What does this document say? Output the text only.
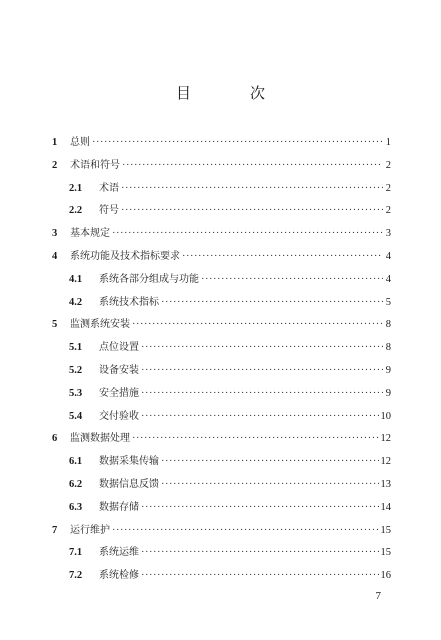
目　次
1	总则 ·····	1
2	术语和符号 ·····	2
2.1	术语 ·····	2
2.2	符号 ·····	2
3	基本规定 ·····	3
4	系统功能及技术指标要求 ·····	4
4.1	系统各部分组成与功能 ·····	4
4.2	系统技术指标 ·····	5
5	监测系统安装 ·····	8
5.1	点位设置 ·····	8
5.2	设备安装 ·····	9
5.3	安全措施 ·····	9
5.4	交付验收 ·····	10
6	监测数据处理 ·····	12
6.1	数据采集传输 ·····	12
6.2	数据信息反馈 ·····	13
6.3	数据存储 ·····	14
7	运行维护 ·····	15
7.1	系统运维 ·····	15
7.2	系统检修 ·····	16
7
